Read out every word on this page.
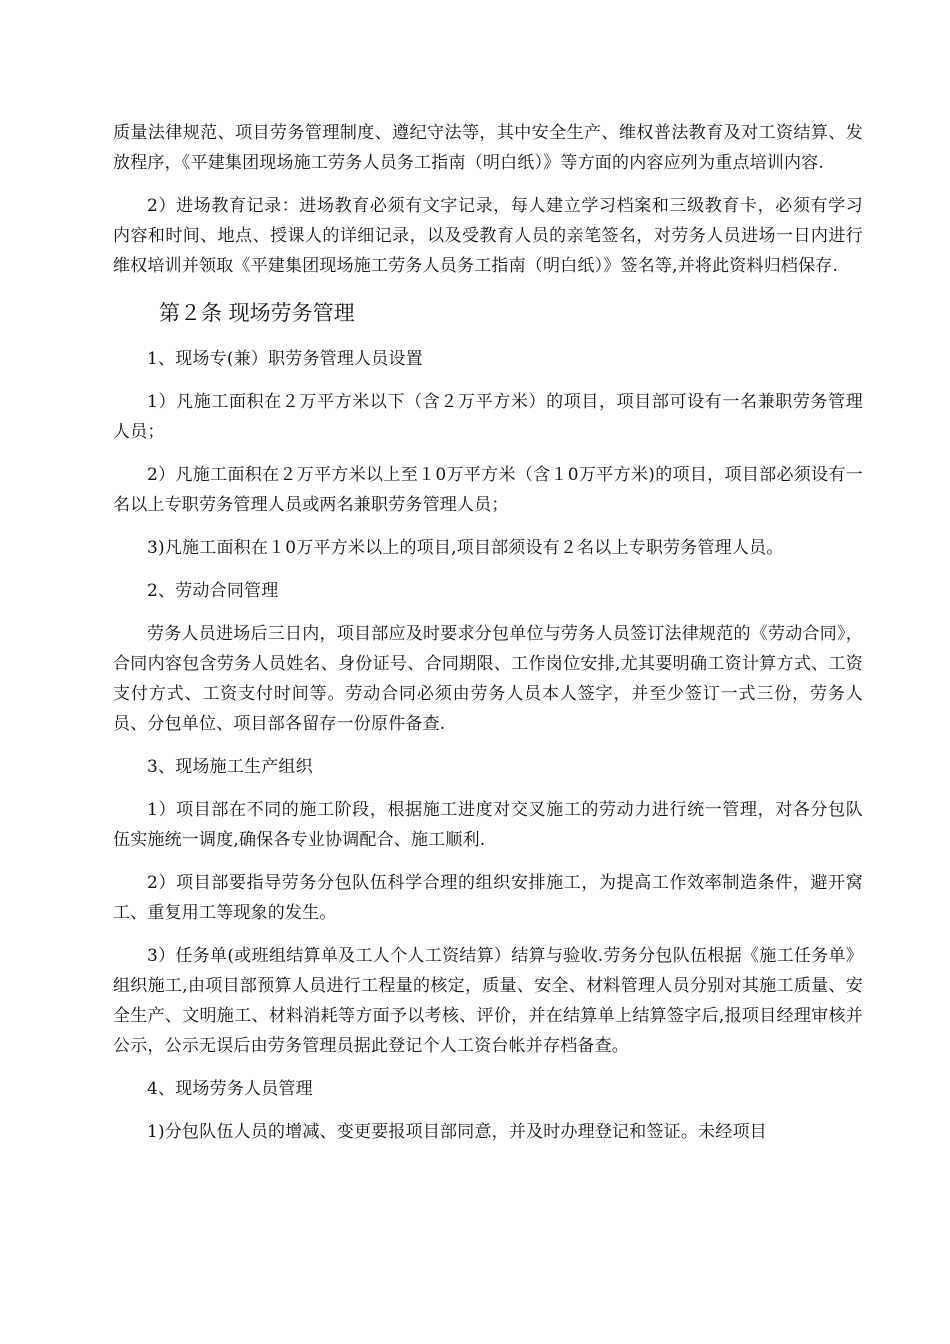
质量法律规范、项目劳务管理制度、遵纪守法等，其中安全生产、维权普法教育及对工资结算、发放程序，《平建集团现场施工劳务人员务工指南（明白纸）》等方面的内容应列为重点培训内容.

2）进场教育记录：进场教育必须有文字记录，每人建立学习档案和三级教育卡，必须有学习内容和时间、地点、授课人的详细记录，以及受教育人员的亲笔签名，对劳务人员进场一日内进行维权培训并领取《平建集团现场施工劳务人员务工指南（明白纸）》签名等,并将此资料归档保存.

第２条 现场劳务管理

1、现场专(兼）职劳务管理人员设置

1）凡施工面积在２万平方米以下（含２万平方米）的项目，项目部可设有一名兼职劳务管理人员；

2）凡施工面积在２万平方米以上至１0万平方米（含１0万平方米)的项目，项目部必须设有一名以上专职劳务管理人员或两名兼职劳务管理人员；

3)凡施工面积在１0万平方米以上的项目,项目部须设有２名以上专职劳务管理人员。

2、劳动合同管理

劳务人员进场后三日内，项目部应及时要求分包单位与劳务人员签订法律规范的《劳动合同》，合同内容包含劳务人员姓名、身份证号、合同期限、工作岗位安排,尤其要明确工资计算方式、工资支付方式、工资支付时间等。劳动合同必须由劳务人员本人签字，并至少签订一式三份，劳务人员、分包单位、项目部各留存一份原件备查.

3、现场施工生产组织

1）项目部在不同的施工阶段，根据施工进度对交叉施工的劳动力进行统一管理，对各分包队伍实施统一调度,确保各专业协调配合、施工顺利.

2）项目部要指导劳务分包队伍科学合理的组织安排施工，为提高工作效率制造条件，避开窝工、重复用工等现象的发生。

3）任务单(或班组结算单及工人个人工资结算）结算与验收.劳务分包队伍根据《施工任务单》组织施工,由项目部预算人员进行工程量的核定，质量、安全、材料管理人员分别对其施工质量、安全生产、文明施工、材料消耗等方面予以考核、评价，并在结算单上结算签字后,报项目经理审核并公示，公示无误后由劳务管理员据此登记个人工资台帐并存档备查。

4、现场劳务人员管理

1)分包队伍人员的增减、变更要报项目部同意，并及时办理登记和签证。未经项目
